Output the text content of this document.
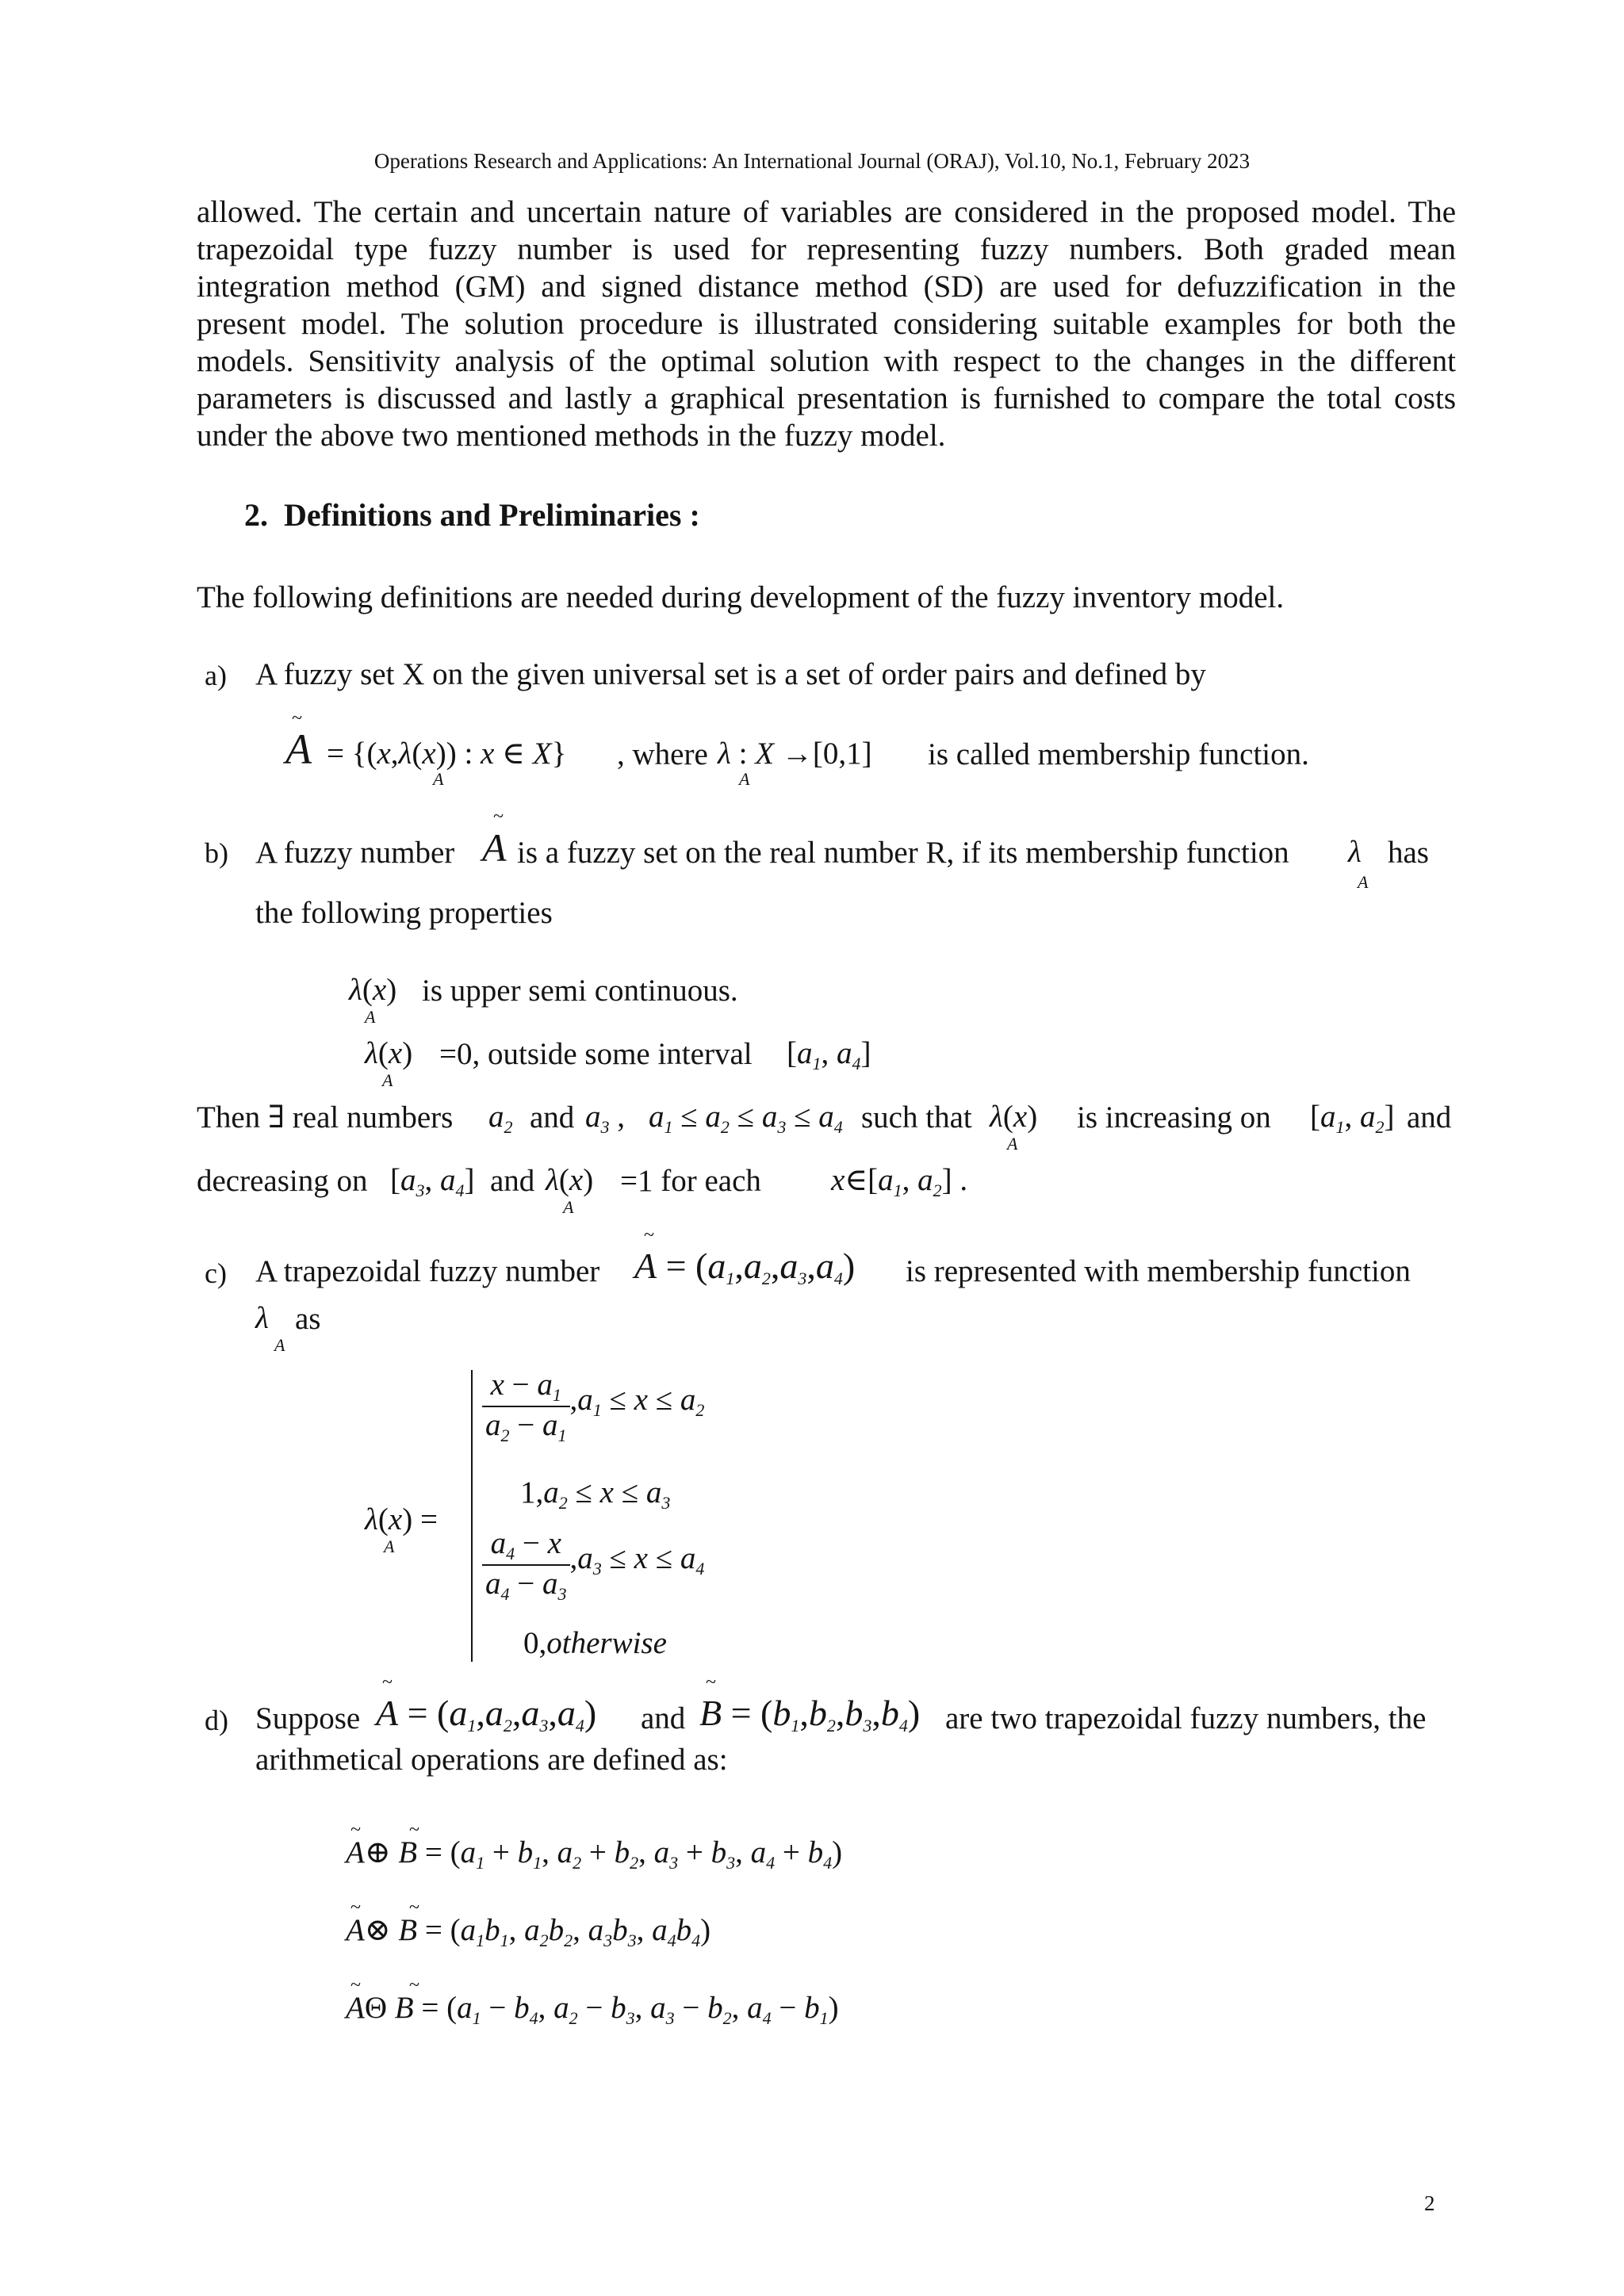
Operations Research and Applications: An International Journal (ORAJ), Vol.10, No.1, February 2023
allowed. The certain and uncertain nature of variables are considered in the proposed model. The
trapezoidal type fuzzy number is used for representing fuzzy numbers. Both graded mean
integration method (GM) and signed distance method (SD) are used for defuzzification in the
present model. The solution procedure is illustrated considering suitable examples for both the
models. Sensitivity analysis of the optimal solution with respect to the changes in the different
parameters is discussed and lastly a graphical presentation is furnished to compare the total costs
under the above two mentioned methods in the fuzzy model.
2. Definitions and Preliminaries :
The following definitions are needed during development of the fuzzy inventory model.
a) A fuzzy set X on the given universal set is a set of order pairs and defined by
~
A = {(x,λ(x)) : x ∈ X}
A
, where λ : X →[0,1]
A
is called membership function.
b) A fuzzy number
~
A is a fuzzy set on the real number R, if its membership function λ
A
has
the following properties
λ(x)
A
is upper semi continuous.
λ(x)
A
=0, outside some interval [$a_1$, $a_4$]
Then ∃ real numbers $a_2$ and $a_3$ , $a_1 \le a_2 \le a_3 \le a_4$ such that λ(x)
A
is increasing on [$a_1$, $a_2$] and
decreasing on [$a_3$, $a_4$] and λ(x)
A
=1 for each $x\in[a_1$, $a_2$] .
c) A trapezoidal fuzzy number
~
$A = (a_1,a_2,a_3,a_4)$ is represented with membership function
λ
A
as
λ(x) =
A
$\frac{x - a_1}{a_2 - a_1} ,a_1 \le x \le a_2$
$1,a_2 \le x \le a_3$
$\frac{a_4 - x}{a_4 - a_3} ,a_3 \le x \le a_4$
0,otherwise
d) Suppose
~
$A = (a_1,a_2,a_3,a_4)$ and
~
$B = (b_1,b_2,b_3,b_4)$ are two trapezoidal fuzzy numbers, the
arithmetical operations are defined as:
~	~
A⊕ $B = (a_1 + b_1$, $a_2 + b_2$, $a_3 + b_3$, $a_4 + b_4$)
~	~
A⊗ $B = (a_1b_1$, $a_2b_2$, $a_3b_3$, $a_4b_4$)
~	~
AΘ $B = (a_1 - b_4$, $a_2 - b_3$, $a_3 - b_2$, $a_4 - b_1$)
2
